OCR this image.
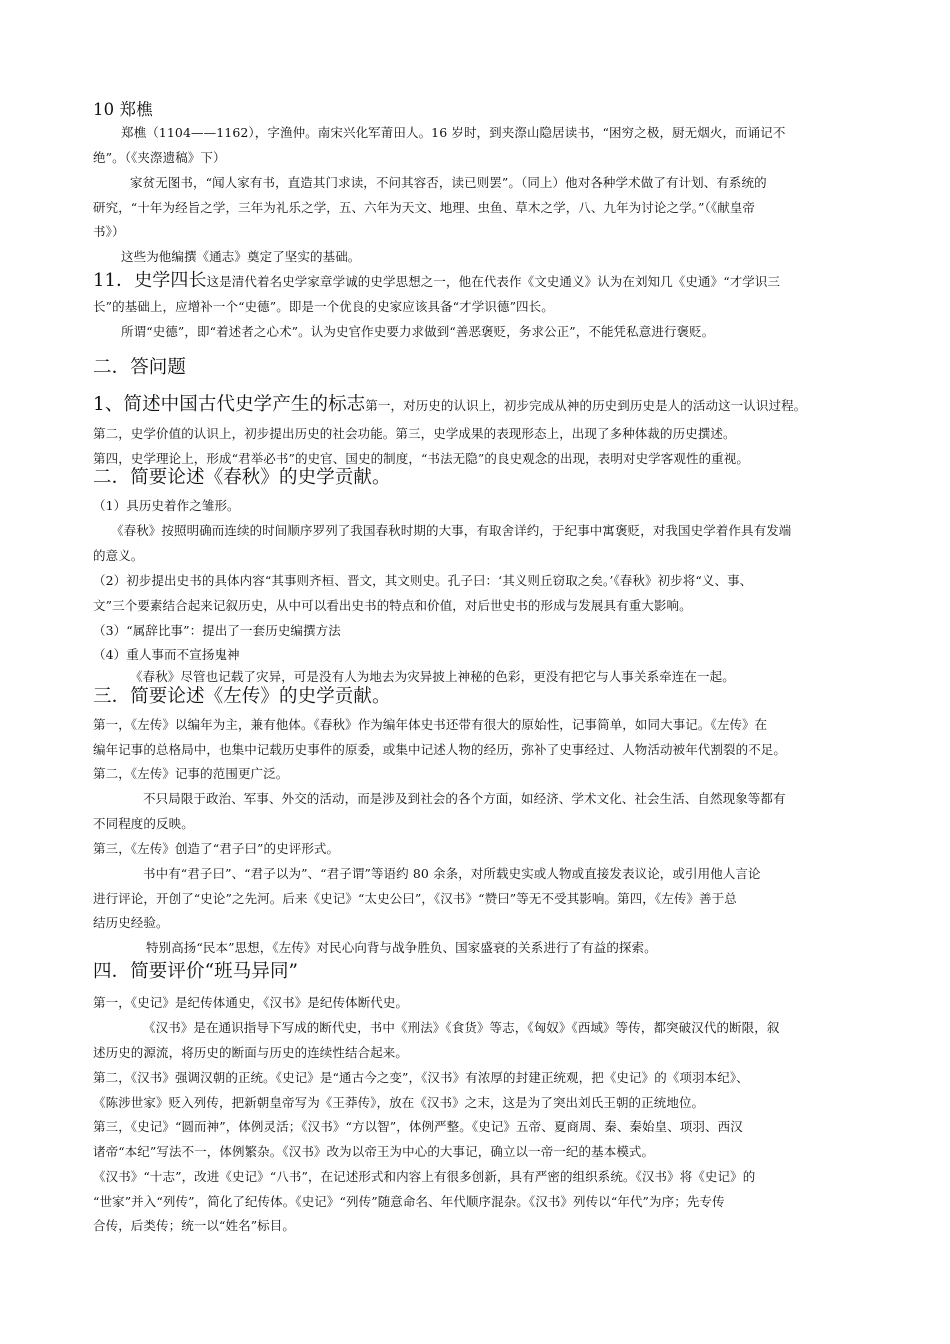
10 郑樵
郑樵（1104——1162），字渔仲。南宋兴化军莆田人。16 岁时，到夹漈山隐居读书，“困穷之极，厨无烟火，而诵记不
绝”。（《夹漈遗稿》下）
家贫无图书，“闻人家有书，直造其门求读，不问其容否，读已则罢”。（同上）他对各种学术做了有计划、有系统的
研究，“十年为经旨之学，三年为礼乐之学，五、六年为天文、地理、虫鱼、草木之学，八、九年为讨论之学。”（《献皇帝
书》）
这些为他编撰《通志》奠定了坚实的基础。
11．史学四长这是清代着名史学家章学诚的史学思想之一，他在代表作《文史通义》认为在刘知几《史通》“才学识三
长”的基础上，应增补一个“史德”。即是一个优良的史家应该具备“才学识德”四长。
所谓“史德”，即“着述者之心术”。认为史官作史要力求做到“善恶褒贬，务求公正”，不能凭私意进行褒贬。
二．答问题
1、简述中国古代史学产生的标志第一，对历史的认识上，初步完成从神的历史到历史是人的活动这一认识过程。
第二，史学价值的认识上，初步提出历史的社会功能。第三，史学成果的表现形态上，出现了多种体裁的历史撰述。
第四，史学理论上，形成“君举必书”的史官、国史的制度，“书法无隐”的良史观念的出现，表明对史学客观性的重视。
二．简要论述《春秋》的史学贡献。
（1）具历史着作之雏形。
《春秋》按照明确而连续的时间顺序罗列了我国春秋时期的大事，有取舍详约，于纪事中寓褒贬，对我国史学着作具有发端
的意义。
（2）初步提出史书的具体内容“其事则齐桓、晋文，其文则史。孔子曰：‘其义则丘窃取之矣。’《春秋》初步将“义、事、
文”三个要素结合起来记叙历史，从中可以看出史书的特点和价值，对后世史书的形成与发展具有重大影响。
（3）“属辞比事”：提出了一套历史编撰方法
（4）重人事而不宣扬鬼神
《春秋》尽管也记载了灾异，可是没有人为地去为灾异披上神秘的色彩，更没有把它与人事关系牵连在一起。
三．简要论述《左传》的史学贡献。
第一，《左传》以编年为主，兼有他体。《春秋》作为编年体史书还带有很大的原始性，记事简单，如同大事记。《左传》在
编年记事的总格局中，也集中记载历史事件的原委，或集中记述人物的经历，弥补了史事经过、人物活动被年代割裂的不足。
第二，《左传》记事的范围更广泛。
不只局限于政治、军事、外交的活动，而是涉及到社会的各个方面，如经济、学术文化、社会生活、自然现象等都有
不同程度的反映。
第三，《左传》创造了“君子曰”的史评形式。
书中有“君子曰”、“君子以为”、“君子谓”等语约 80 余条，对所载史实或人物或直接发表议论，或引用他人言论
进行评论，开创了“史论”之先河。后来《史记》“太史公曰”，《汉书》“赞曰”等无不受其影响。第四，《左传》善于总
结历史经验。
特别高扬“民本”思想，《左传》对民心向背与战争胜负、国家盛衰的关系进行了有益的探索。
四．简要评价“班马异同”
第一，《史记》是纪传体通史，《汉书》是纪传体断代史。
《汉书》是在通识指导下写成的断代史，书中《刑法》《食货》等志，《匈奴》《西域》等传，都突破汉代的断限，叙
述历史的源流，将历史的断面与历史的连续性结合起来。
第二，《汉书》强调汉朝的正统。《史记》是“通古今之变”，《汉书》有浓厚的封建正统观，把《史记》的《项羽本纪》、
《陈涉世家》贬入列传，把新朝皇帝写为《王莽传》，放在《汉书》之末，这是为了突出刘氏王朝的正统地位。
第三，《史记》“圆而神”，体例灵活；《汉书》“方以智”，体例严整。《史记》五帝、夏商周、秦、秦始皇、项羽、西汉
诸帝“本纪”写法不一，体例繁杂。《汉书》改为以帝王为中心的大事记，确立以一帝一纪的基本模式。
《汉书》“十志”，改进《史记》“八书”，在记述形式和内容上有很多创新，具有严密的组织系统。《汉书》将《史记》的
“世家”并入“列传”，简化了纪传体。《史记》“列传”随意命名、年代顺序混杂。《汉书》列传以“年代”为序；先专传
合传，后类传；统一以“姓名”标目。
